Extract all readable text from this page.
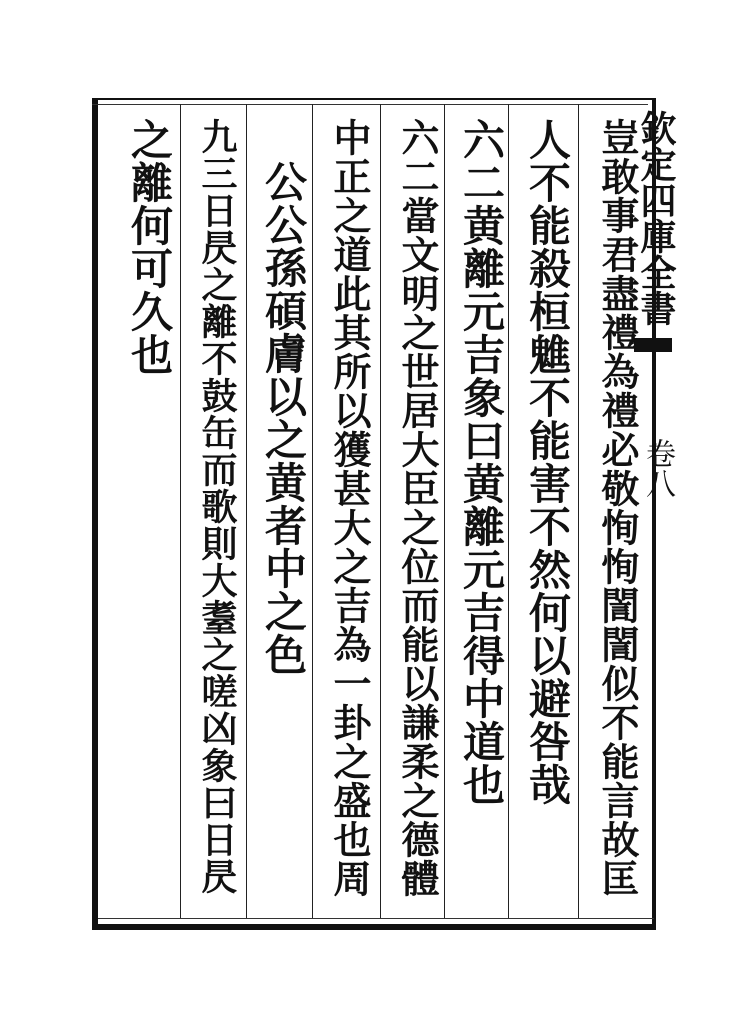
欽定四庫全書
卷八
豈敢事君盡禮為禮必敬恂恂誾誾似不能言故匡
人不能殺桓魋不能害不然何以避咎哉
六二黄離元吉象曰黄離元吉得中道也
六二當文明之世居大臣之位而能以謙柔之德體
中正之道此其所以獲甚大之吉為一卦之盛也周
公公孫碩膚以之黄者中之色
九三日昃之離不鼓缶而歌則大耋之嗟凶象曰日昃
之離何可久也
